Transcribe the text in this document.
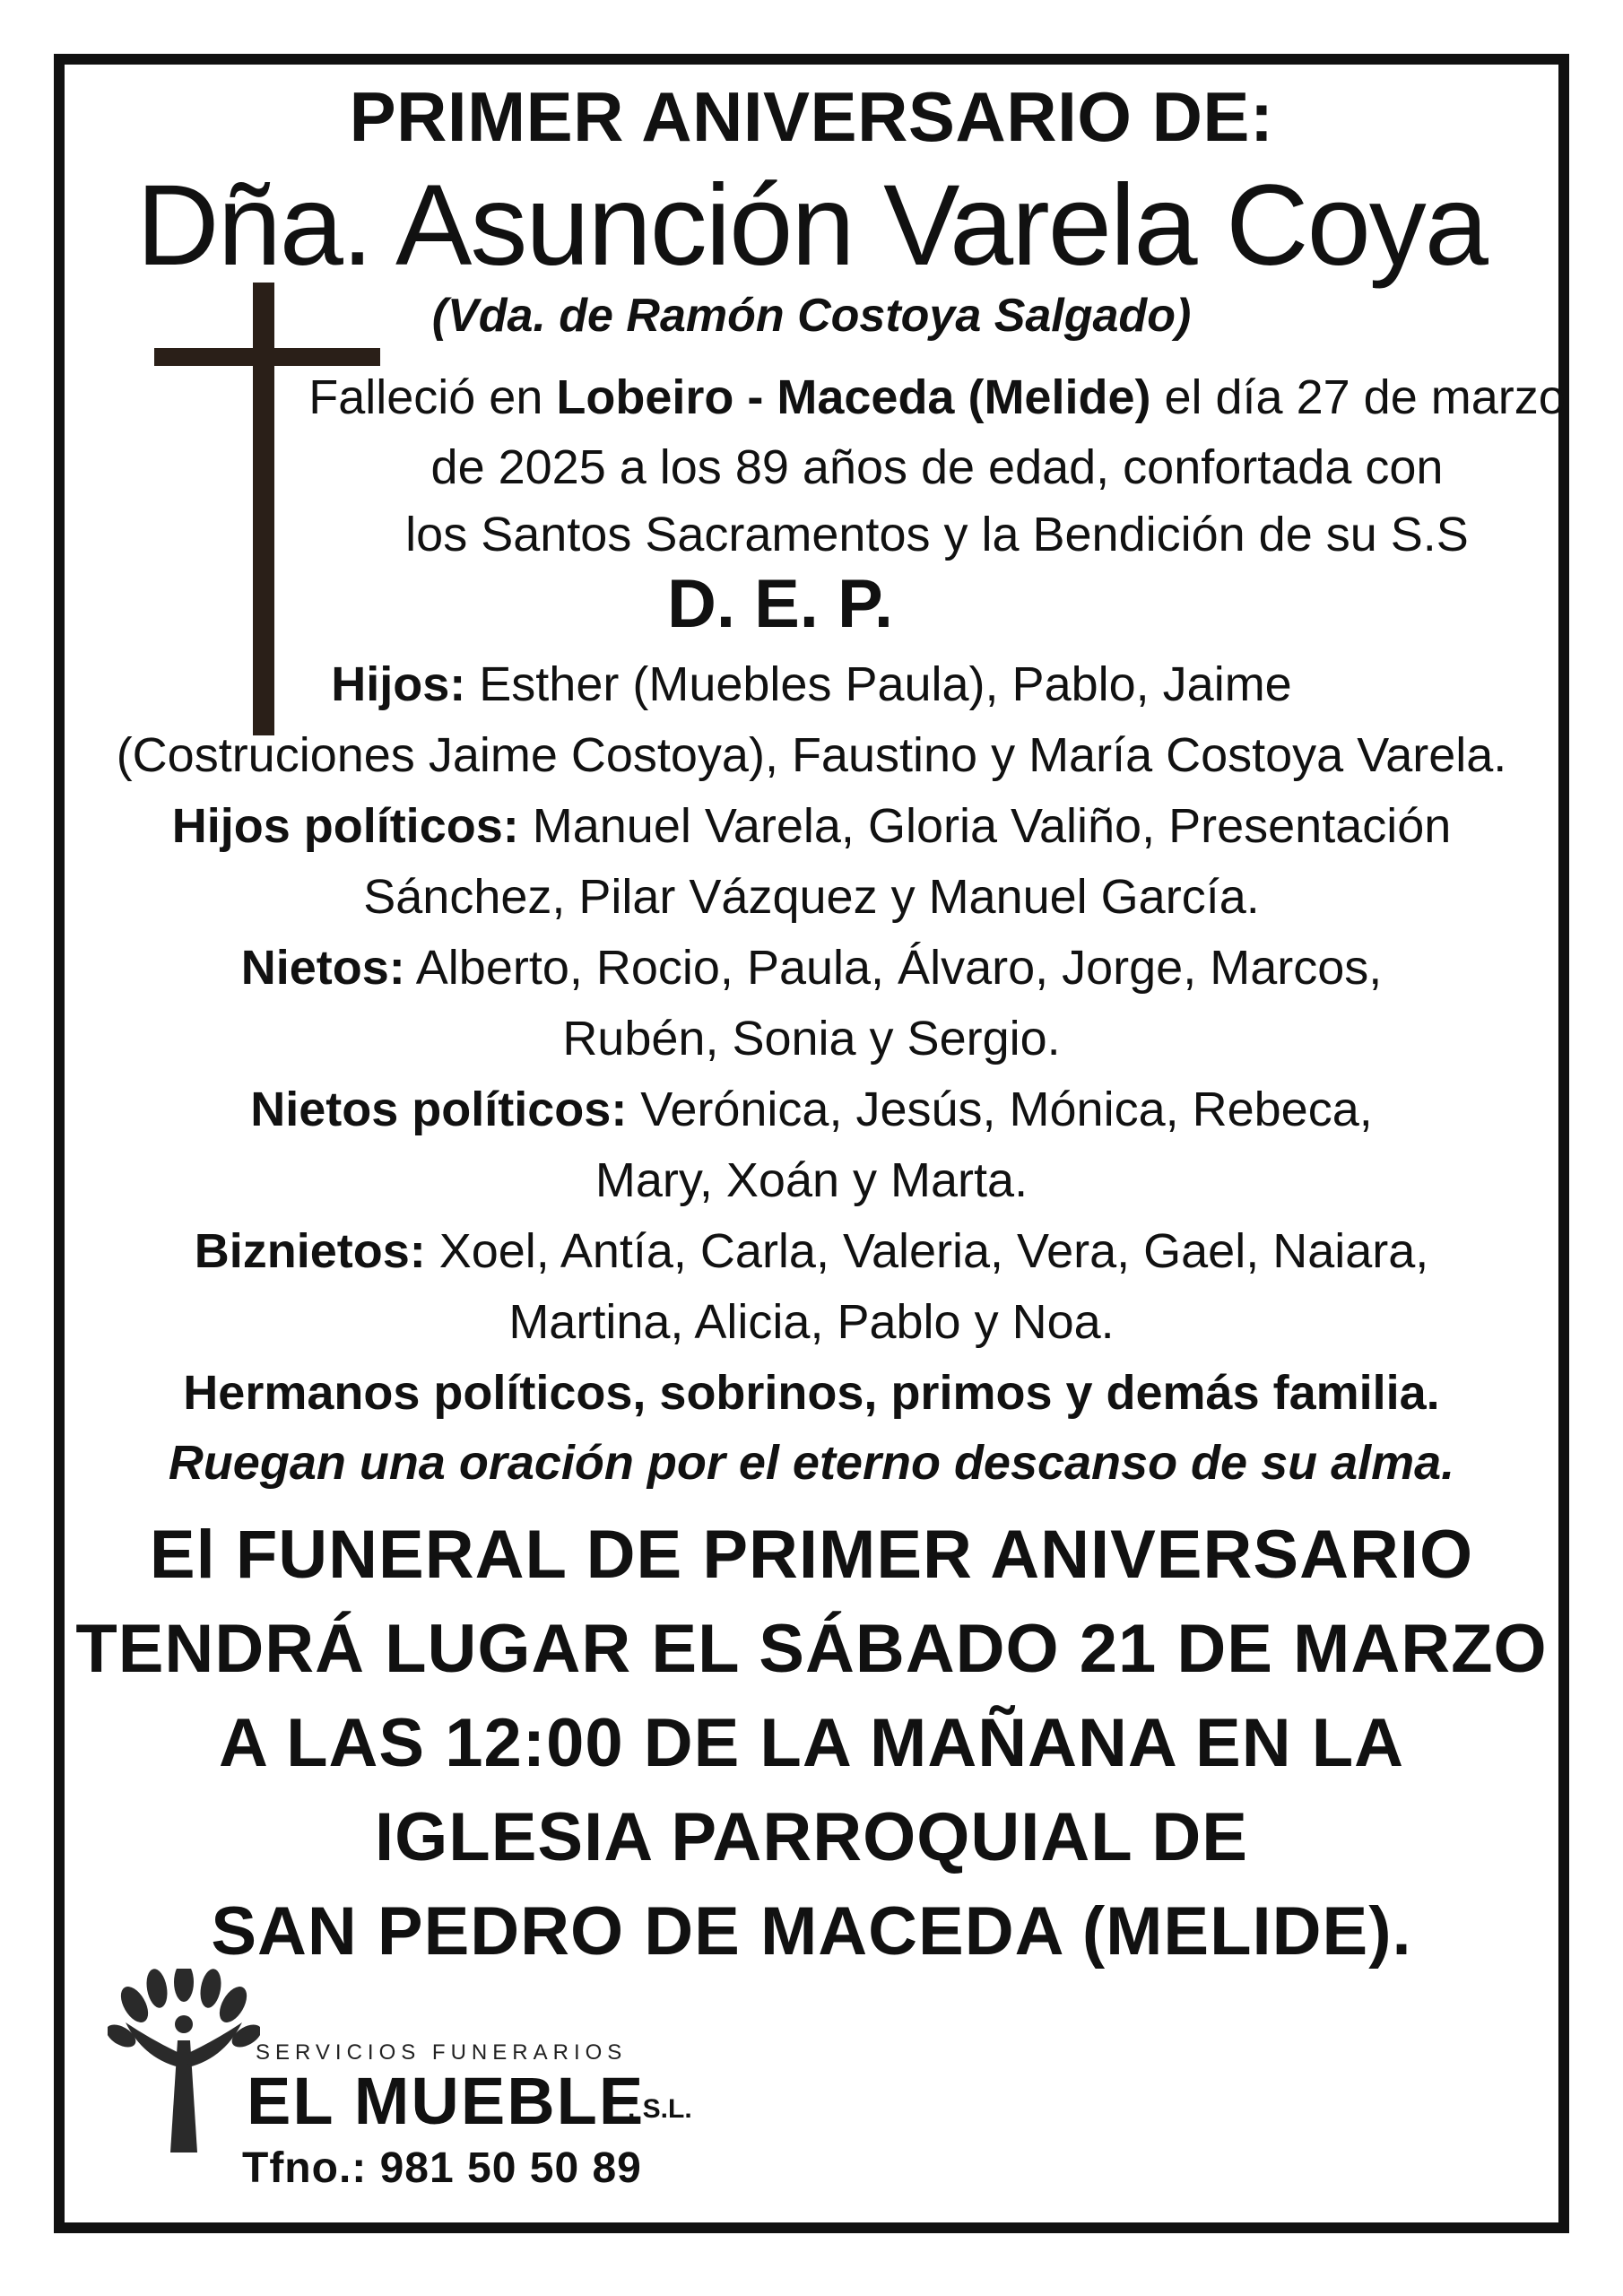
PRIMER ANIVERSARIO DE:
Dña. Asunción Varela Coya
(Vda. de Ramón Costoya Salgado)
Falleció en Lobeiro - Maceda (Melide) el día 27 de marzo
de 2025 a los 89 años de edad, confortada con
los Santos Sacramentos y la Bendición de su S.S
D. E. P.
Hijos: Esther (Muebles Paula), Pablo, Jaime
(Costruciones Jaime Costoya), Faustino y María Costoya Varela.
Hijos políticos: Manuel Varela, Gloria Valiño, Presentación
Sánchez, Pilar Vázquez y Manuel García.
Nietos: Alberto, Rocio, Paula, Álvaro, Jorge, Marcos,
Rubén, Sonia y Sergio.
Nietos políticos: Verónica, Jesús, Mónica, Rebeca,
Mary, Xoán y Marta.
Biznietos: Xoel, Antía, Carla, Valeria, Vera, Gael, Naiara,
Martina, Alicia, Pablo y Noa.
Hermanos políticos, sobrinos, primos y demás familia.
Ruegan una oración por el eterno descanso de su alma.
El FUNERAL DE PRIMER ANIVERSARIO
TENDRÁ LUGAR EL SÁBADO 21 DE MARZO
A LAS 12:00 DE LA MAÑANA EN LA
IGLESIA PARROQUIAL DE
SAN PEDRO DE MACEDA (MELIDE).
SERVICIOS FUNERARIOS
EL MUEBLE
, S.L.
Tfno.: 981 50 50 89
